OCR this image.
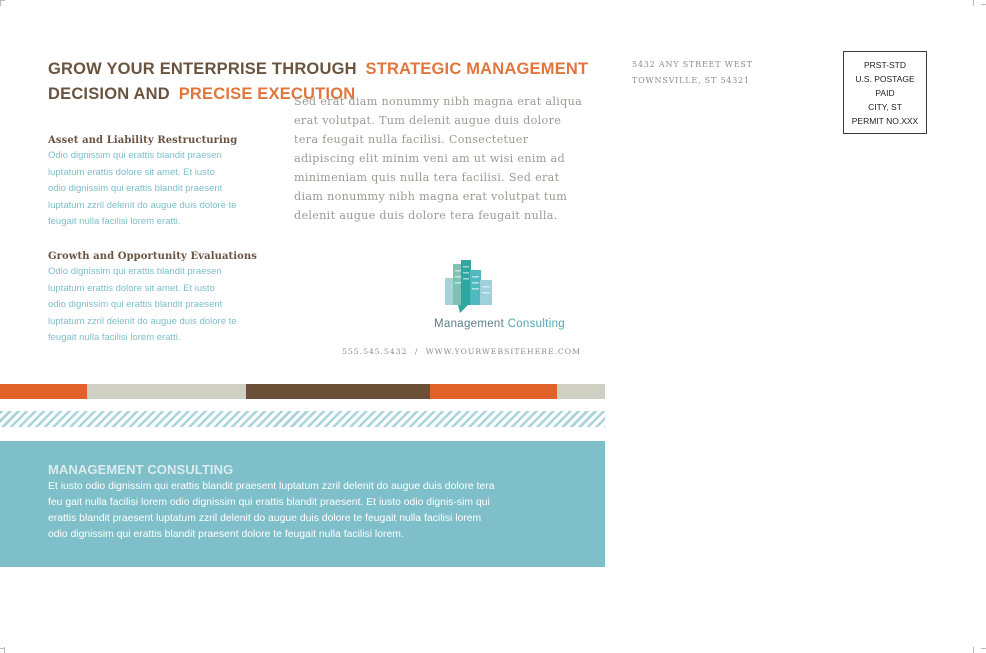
GROW YOUR ENTERPRISE THROUGH STRATEGIC MANAGEMENT
DECISION AND PRECISE EXECUTION
Asset and Liability Restructuring
Odio dignissim qui erattis blandit praesen
luptatum erattis dolore sit amet. Et iusto
odio dignissim qui erattis blandit praesent
luptatum zzril delenit do augue duis dolore te
feugait nulla facilisi lorem eratti.
Growth and Opportunity Evaluations
Odio dignissim qui erattis blandit praesen
luptatum erattis dolore sit amet. Et iusto
odio dignissim qui erattis blandit praesent
luptatum zzril delenit do augue duis dolore te
feugait nulla facilisi lorem eratti.
Sed erat diam nonummy nibh magna erat aliqua
erat volutpat. Tum delenit augue duis dolore
tera feugait nulla facilisi. Consectetuer
adipiscing elit minim veni am ut wisi enim ad
minimeniam quis nulla tera facilisi. Sed erat
diam nonummy nibh magna erat volutpat tum
delenit augue duis dolore tera feugait nulla.
5432 ANY STREET WEST
TOWNSVILLE, ST 54321
PRST-STD
U.S. POSTAGE
PAID
CITY, ST
PERMIT NO.XXX
Management Consulting
555.545.5432 / WWW.YOURWEBSITEHERE.COM
MANAGEMENT CONSULTING
Et iusto odio dignissim qui erattis blandit praesent luptatum zzril delenit do augue duis dolore tera
feu gait nulla facilisi lorem odio dignissim qui erattis blandit praesent. Et iusto odio dignis-sim qui
erattis blandit praesent luptatum zzril delenit do augue duis dolore te feugait nulla facilisi lorem
odio dignissim qui erattis blandit praesent dolore te feugait nulla facilisi lorem.
